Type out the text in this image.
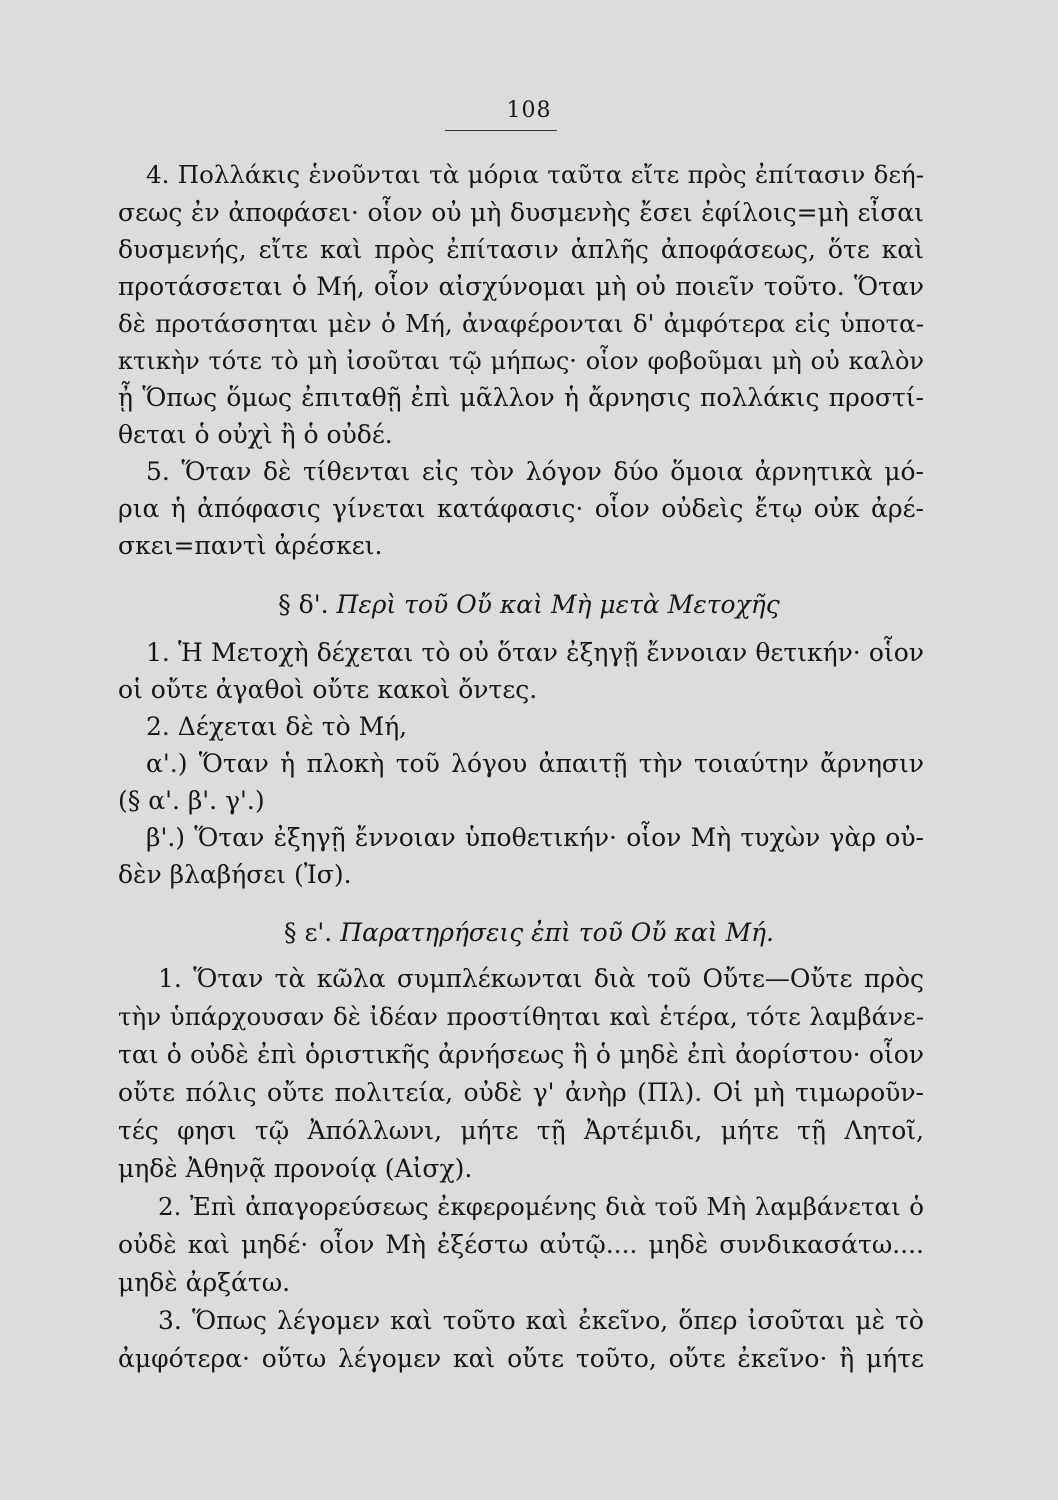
108
4. Πολλάκις ἑνοῦνται τὰ μόρια ταῦτα εἴτε πρὸς ἐπίτασιν δεή-
σεως ἐν ἀποφάσει· οἷον οὐ μὴ δυσμενὴς ἔσει ἐφίλοις=μὴ εἶσαι
δυσμενής, εἴτε καὶ πρὸς ἐπίτασιν ἁπλῆς ἀποφάσεως, ὅτε καὶ
προτάσσεται ὁ Μή, οἷον αἰσχύνομαι μὴ οὐ ποιεῖν τοῦτο. Ὅταν
δὲ προτάσσηται μὲν ὁ Μή, ἀναφέρονται δ' ἀμφότερα εἰς ὑποτα-
κτικὴν τότε τὸ μὴ ἰσοῦται τῷ μήπως· οἷον φοβοῦμαι μὴ οὐ καλὸν
ᾖ Ὅπως ὅμως ἐπιταθῇ ἐπὶ μᾶλλον ἡ ἄρνησις πολλάκις προστί-
θεται ὁ οὐχὶ ἢ ὁ οὐδέ.
5. Ὅταν δὲ τίθενται εἰς τὸν λόγον δύο ὅμοια ἀρνητικὰ μό-
ρια ἡ ἀπόφασις γίνεται κατάφασις· οἷον οὐδεὶς ἔτῳ οὐκ ἀρέ-
σκει=παντὶ ἀρέσκει.
§ δ'. Περὶ τοῦ Οὔ καὶ Μὴ μετὰ Μετοχῆς
1. Ἡ Μετοχὴ δέχεται τὸ οὐ ὅταν ἐξηγῇ ἔννοιαν θετικήν· οἷον
οἱ οὔτε ἀγαθοὶ οὔτε κακοὶ ὄντες.
2. Δέχεται δὲ τὸ Μή,
α'.) Ὅταν ἡ πλοκὴ τοῦ λόγου ἀπαιτῇ τὴν τοιαύτην ἄρνησιν
(§ α'. β'. γ'.)
β'.) Ὅταν ἐξηγῇ ἔννοιαν ὑποθετικήν· οἷον Μὴ τυχὼν γὰρ οὐ-
δὲν βλαβήσει (Ἰσ).
§ ε'. Παρατηρήσεις ἐπὶ τοῦ Οὔ καὶ Μή.
1. Ὅταν τὰ κῶλα συμπλέκωνται διὰ τοῦ Οὔτε—Οὔτε πρὸς
τὴν ὑπάρχουσαν δὲ ἰδέαν προστίθηται καὶ ἑτέρα, τότε λαμβάνε-
ται ὁ οὐδὲ ἐπὶ ὁριστικῆς ἀρνήσεως ἢ ὁ μηδὲ ἐπὶ ἀορίστου· οἷον
οὔτε πόλις οὔτε πολιτεία, οὐδὲ γ' ἀνὴρ (Πλ). Οἱ μὴ τιμωροῦν-
τές φησι τῷ Ἀπόλλωνι, μήτε τῇ Ἀρτέμιδι, μήτε τῇ Λητοῖ,
μηδὲ Ἀθηνᾷ προνοίᾳ (Αἰσχ).
2. Ἐπὶ ἀπαγορεύσεως ἐκφερομένης διὰ τοῦ Μὴ λαμβάνεται ὁ
οὐδὲ καὶ μηδέ· οἷον Μὴ ἐξέστω αὐτῷ.... μηδὲ συνδικασάτω....
μηδὲ ἀρξάτω.
3. Ὅπως λέγομεν καὶ τοῦτο καὶ ἐκεῖνο, ὅπερ ἰσοῦται μὲ τὸ
ἀμφότερα· οὕτω λέγομεν καὶ οὔτε τοῦτο, οὔτε ἐκεῖνο· ἢ μήτε
